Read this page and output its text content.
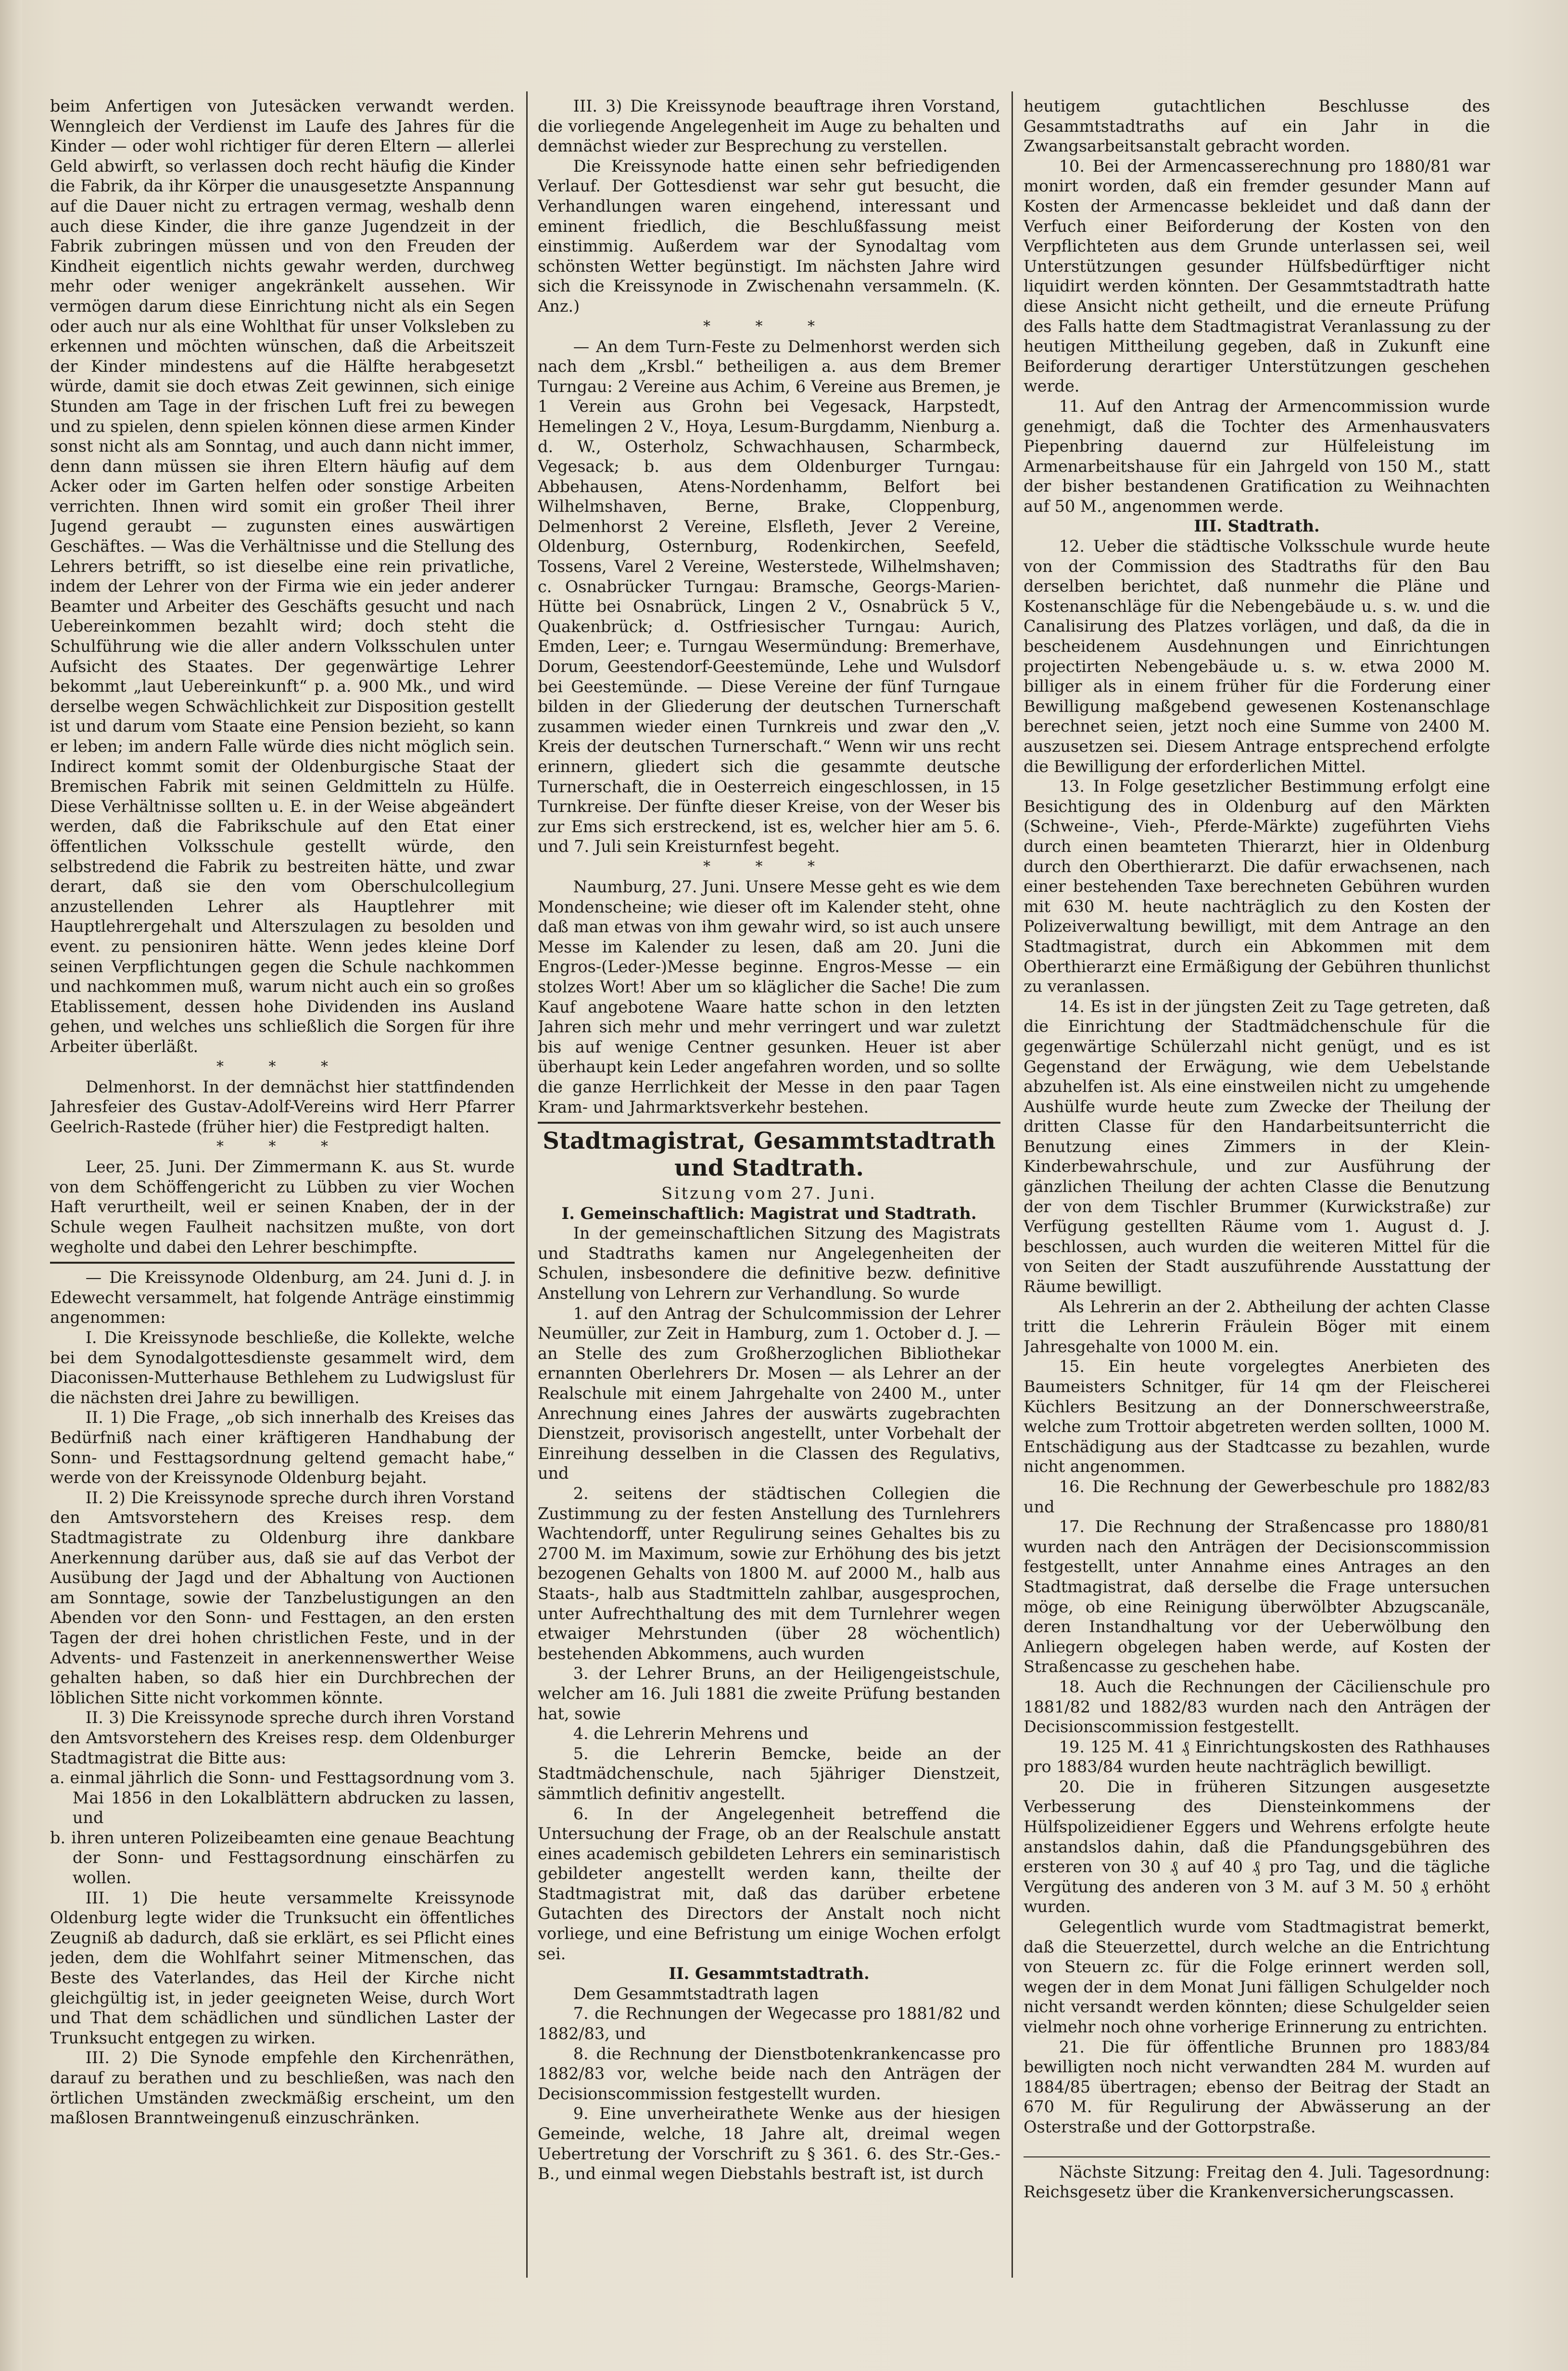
beim Anfertigen von Jutesäcken verwandt werden. Wenngleich der Verdienst im Laufe des Jahres für die Kinder — oder wohl richtiger für deren Eltern — allerlei Geld abwirft, so verlassen doch recht häufig die Kinder die Fabrik, da ihr Körper die unausgesetzte Anspannung auf die Dauer nicht zu ertragen vermag, weshalb denn auch diese Kinder, die ihre ganze Jugendzeit in der Fabrik zubringen müssen und von den Freuden der Kindheit eigentlich nichts gewahr werden, durchweg mehr oder weniger angekränkelt aussehen. Wir vermögen darum diese Einrichtung nicht als ein Segen oder auch nur als eine Wohlthat für unser Volksleben zu erkennen und möchten wünschen, daß die Arbeitszeit der Kinder mindestens auf die Hälfte herabgesetzt würde, damit sie doch etwas Zeit gewinnen, sich einige Stunden am Tage in der frischen Luft frei zu bewegen und zu spielen, denn spielen können diese armen Kinder sonst nicht als am Sonntag, und auch dann nicht immer, denn dann müssen sie ihren Eltern häufig auf dem Acker oder im Garten helfen oder sonstige Arbeiten verrichten. Ihnen wird somit ein großer Theil ihrer Jugend geraubt — zugunsten eines auswärtigen Geschäftes. — Was die Verhältnisse und die Stellung des Lehrers betrifft, so ist dieselbe eine rein privatliche, indem der Lehrer von der Firma wie ein jeder anderer Beamter und Arbeiter des Geschäfts gesucht und nach Uebereinkommen bezahlt wird; doch steht die Schulführung wie die aller andern Volksschulen unter Aufsicht des Staates. Der gegenwärtige Lehrer bekommt „laut Uebereinkunft“ p. a. 900 Mk., und wird derselbe wegen Schwächlichkeit zur Disposition gestellt ist und darum vom Staate eine Pension bezieht, so kann er leben; im andern Falle würde dies nicht möglich sein. Indirect kommt somit der Oldenburgische Staat der Bremischen Fabrik mit seinen Geldmitteln zu Hülfe. Diese Verhältnisse sollten u. E. in der Weise abgeändert werden, daß die Fabrikschule auf den Etat einer öffentlichen Volksschule gestellt würde, den selbstredend die Fabrik zu bestreiten hätte, und zwar derart, daß sie den vom Oberschulcollegium anzustellenden Lehrer als Hauptlehrer mit Hauptlehrergehalt und Alterszulagen zu besolden und event. zu pensioniren hätte. Wenn jedes kleine Dorf seinen Verpflichtungen gegen die Schule nachkommen und nachkommen muß, warum nicht auch ein so großes Etablissement, dessen hohe Dividenden ins Ausland gehen, und welches uns schließlich die Sorgen für ihre Arbeiter überläßt.

* * *

Delmenhorst. In der demnächst hier stattfindenden Jahresfeier des Gustav-Adolf-Vereins wird Herr Pfarrer Geelrich-Rastede (früher hier) die Festpredigt halten.

* * *

Leer, 25. Juni. Der Zimmermann K. aus St. wurde von dem Schöffengericht zu Lübben zu vier Wochen Haft verurtheilt, weil er seinen Knaben, der in der Schule wegen Faulheit nachsitzen mußte, von dort wegholte und dabei den Lehrer beschimpfte.

— Die Kreissynode Oldenburg, am 24. Juni d. J. in Edewecht versammelt, hat folgende Anträge einstimmig angenommen:

I. Die Kreissynode beschließe, die Kollekte, welche bei dem Synodalgottesdienste gesammelt wird, dem Diaconissen-Mutterhause Bethlehem zu Ludwigslust für die nächsten drei Jahre zu bewilligen.

II. 1) Die Frage, „ob sich innerhalb des Kreises das Bedürfniß nach einer kräftigeren Handhabung der Sonn- und Festtagsordnung geltend gemacht habe,“ werde von der Kreissynode Oldenburg bejaht.

II. 2) Die Kreissynode spreche durch ihren Vorstand den Amtsvorstehern des Kreises resp. dem Stadtmagistrate zu Oldenburg ihre dankbare Anerkennung darüber aus, daß sie auf das Verbot der Ausübung der Jagd und der Abhaltung von Auctionen am Sonntage, sowie der Tanzbelustigungen an den Abenden vor den Sonn- und Festtagen, an den ersten Tagen der drei hohen christlichen Feste, und in der Advents- und Fastenzeit in anerkennenswerther Weise gehalten haben, so daß hier ein Durchbrechen der löblichen Sitte nicht vorkommen könnte.

II. 3) Die Kreissynode spreche durch ihren Vorstand den Amtsvorstehern des Kreises resp. dem Oldenburger Stadtmagistrat die Bitte aus:

a. einmal jährlich die Sonn- und Festtagsordnung vom 3. Mai 1856 in den Lokalblättern abdrucken zu lassen, und

b. ihren unteren Polizeibeamten eine genaue Beachtung der Sonn- und Festtagsordnung einschärfen zu wollen.

III. 1) Die heute versammelte Kreissynode Oldenburg legte wider die Trunksucht ein öffentliches Zeugniß ab dadurch, daß sie erklärt, es sei Pflicht eines jeden, dem die Wohlfahrt seiner Mitmenschen, das Beste des Vaterlandes, das Heil der Kirche nicht gleichgültig ist, in jeder geeigneten Weise, durch Wort und That dem schädlichen und sündlichen Laster der Trunksucht entgegen zu wirken.

III. 2) Die Synode empfehle den Kirchenräthen, darauf zu berathen und zu beschließen, was nach den örtlichen Umständen zweckmäßig erscheint, um den maßlosen Branntweingenuß einzuschränken.

III. 3) Die Kreissynode beauftrage ihren Vorstand, die vorliegende Angelegenheit im Auge zu behalten und demnächst wieder zur Besprechung zu verstellen.

Die Kreissynode hatte einen sehr befriedigenden Verlauf. Der Gottesdienst war sehr gut besucht, die Verhandlungen waren eingehend, interessant und eminent friedlich, die Beschlußfassung meist einstimmig. Außerdem war der Synodaltag vom schönsten Wetter begünstigt. Im nächsten Jahre wird sich die Kreissynode in Zwischenahn versammeln. (K. Anz.)

* * *

— An dem Turn-Feste zu Delmenhorst werden sich nach dem „Krsbl.“ betheiligen a. aus dem Bremer Turngau: 2 Vereine aus Achim, 6 Vereine aus Bremen, je 1 Verein aus Grohn bei Vegesack, Harpstedt, Hemelingen 2 V., Hoya, Lesum-Burgdamm, Nienburg a. d. W., Osterholz, Schwachhausen, Scharmbeck, Vegesack; b. aus dem Oldenburger Turngau: Abbehausen, Atens-Nordenhamm, Belfort bei Wilhelmshaven, Berne, Brake, Cloppenburg, Delmenhorst 2 Vereine, Elsfleth, Jever 2 Vereine, Oldenburg, Osternburg, Rodenkirchen, Seefeld, Tossens, Varel 2 Vereine, Westerstede, Wilhelmshaven; c. Osnabrücker Turngau: Bramsche, Georgs-Marien-Hütte bei Osnabrück, Lingen 2 V., Osnabrück 5 V., Quakenbrück; d. Ostfriesischer Turngau: Aurich, Emden, Leer; e. Turngau Wesermündung: Bremerhave, Dorum, Geestendorf-Geestemünde, Lehe und Wulsdorf bei Geestemünde. — Diese Vereine der fünf Turngaue bilden in der Gliederung der deutschen Turnerschaft zusammen wieder einen Turnkreis und zwar den „V. Kreis der deutschen Turnerschaft.“ Wenn wir uns recht erinnern, gliedert sich die gesammte deutsche Turnerschaft, die in Oesterreich eingeschlossen, in 15 Turnkreise. Der fünfte dieser Kreise, von der Weser bis zur Ems sich erstreckend, ist es, welcher hier am 5. 6. und 7. Juli sein Kreisturnfest begeht.

* * *

Naumburg, 27. Juni. Unsere Messe geht es wie dem Mondenscheine; wie dieser oft im Kalender steht, ohne daß man etwas von ihm gewahr wird, so ist auch unsere Messe im Kalender zu lesen, daß am 20. Juni die Engros-(Leder-)Messe beginne. Engros-Messe — ein stolzes Wort! Aber um so kläglicher die Sache! Die zum Kauf angebotene Waare hatte schon in den letzten Jahren sich mehr und mehr verringert und war zuletzt bis auf wenige Centner gesunken. Heuer ist aber überhaupt kein Leder angefahren worden, und so sollte die ganze Herrlichkeit der Messe in den paar Tagen Kram- und Jahrmarktsverkehr bestehen.

Stadtmagistrat, Gesammtstadtrath und Stadtrath.
Sitzung vom 27. Juni.

I. Gemeinschaftlich: Magistrat und Stadtrath.

In der gemeinschaftlichen Sitzung des Magistrats und Stadtraths kamen nur Angelegenheiten der Schulen, insbesondere die definitive bezw. definitive Anstellung von Lehrern zur Verhandlung. So wurde

1. auf den Antrag der Schulcommission der Lehrer Neumüller, zur Zeit in Hamburg, zum 1. October d. J. — an Stelle des zum Großherzoglichen Bibliothekar ernannten Oberlehrers Dr. Mosen — als Lehrer an der Realschule mit einem Jahrgehalte von 2400 M., unter Anrechnung eines Jahres der auswärts zugebrachten Dienstzeit, provisorisch angestellt, unter Vorbehalt der Einreihung desselben in die Classen des Regulativs, und

2. seitens der städtischen Collegien die Zustimmung zu der festen Anstellung des Turnlehrers Wachtendorff, unter Regulirung seines Gehaltes bis zu 2700 M. im Maximum, sowie zur Erhöhung des bis jetzt bezogenen Gehalts von 1800 M. auf 2000 M., halb aus Staats-, halb aus Stadtmitteln zahlbar, ausgesprochen, unter Aufrechthaltung des mit dem Turnlehrer wegen etwaiger Mehrstunden (über 28 wöchentlich) bestehenden Abkommens, auch wurden

3. der Lehrer Bruns, an der Heiligengeistschule, welcher am 16. Juli 1881 die zweite Prüfung bestanden hat, sowie

4. die Lehrerin Mehrens und

5. die Lehrerin Bemcke, beide an der Stadtmädchenschule, nach 5jähriger Dienstzeit, sämmtlich definitiv angestellt.

6. In der Angelegenheit betreffend die Untersuchung der Frage, ob an der Realschule anstatt eines academisch gebildeten Lehrers ein seminaristisch gebildeter angestellt werden kann, theilte der Stadtmagistrat mit, daß das darüber erbetene Gutachten des Directors der Anstalt noch nicht vorliege, und eine Befristung um einige Wochen erfolgt sei.

II. Gesammtstadtrath.

Dem Gesammtstadtrath lagen

7. die Rechnungen der Wegecasse pro 1881/82 und 1882/83, und

8. die Rechnung der Dienstbotenkrankencasse pro 1882/83 vor, welche beide nach den Anträgen der Decisionscommission festgestellt wurden.

9. Eine unverheirathete Wenke aus der hiesigen Gemeinde, welche, 18 Jahre alt, dreimal wegen Uebertretung der Vorschrift zu § 361. 6. des Str.-Ges.-B., und einmal wegen Diebstahls bestraft ist, ist durch

heutigem gutachtlichen Beschlusse des Gesammtstadtraths auf ein Jahr in die Zwangsarbeitsanstalt gebracht worden.

10. Bei der Armencasserechnung pro 1880/81 war monirt worden, daß ein fremder gesunder Mann auf Kosten der Armencasse bekleidet und daß dann der Verfuch einer Beiforderung der Kosten von den Verpflichteten aus dem Grunde unterlassen sei, weil Unterstützungen gesunder Hülfsbedürftiger nicht liquidirt werden könnten. Der Gesammtstadtrath hatte diese Ansicht nicht getheilt, und die erneute Prüfung des Falls hatte dem Stadtmagistrat Veranlassung zu der heutigen Mittheilung gegeben, daß in Zukunft eine Beiforderung derartiger Unterstützungen geschehen werde.

11. Auf den Antrag der Armencommission wurde genehmigt, daß die Tochter des Armenhausvaters Piepenbring dauernd zur Hülfeleistung im Armenarbeitshause für ein Jahrgeld von 150 M., statt der bisher bestandenen Gratification zu Weihnachten auf 50 M., angenommen werde.

III. Stadtrath.

12. Ueber die städtische Volksschule wurde heute von der Commission des Stadtraths für den Bau derselben berichtet, daß nunmehr die Pläne und Kostenanschläge für die Nebengebäude u. s. w. und die Canalisirung des Platzes vorlägen, und daß, da die in bescheidenem Ausdehnungen und Einrichtungen projectirten Nebengebäude u. s. w. etwa 2000 M. billiger als in einem früher für die Forderung einer Bewilligung maßgebend gewesenen Kostenanschlage berechnet seien, jetzt noch eine Summe von 2400 M. auszusetzen sei. Diesem Antrage entsprechend erfolgte die Bewilligung der erforderlichen Mittel.

13. In Folge gesetzlicher Bestimmung erfolgt eine Besichtigung des in Oldenburg auf den Märkten (Schweine-, Vieh-, Pferde-Märkte) zugeführten Viehs durch einen beamteten Thierarzt, hier in Oldenburg durch den Oberthierarzt. Die dafür erwachsenen, nach einer bestehenden Taxe berechneten Gebühren wurden mit 630 M. heute nachträglich zu den Kosten der Polizeiverwaltung bewilligt, mit dem Antrage an den Stadtmagistrat, durch ein Abkommen mit dem Oberthierarzt eine Ermäßigung der Gebühren thunlichst zu veranlassen.

14. Es ist in der jüngsten Zeit zu Tage getreten, daß die Einrichtung der Stadtmädchenschule für die gegenwärtige Schülerzahl nicht genügt, und es ist Gegenstand der Erwägung, wie dem Uebelstande abzuhelfen ist. Als eine einstweilen nicht zu umgehende Aushülfe wurde heute zum Zwecke der Theilung der dritten Classe für den Handarbeitsunterricht die Benutzung eines Zimmers in der Klein-Kinderbewahrschule, und zur Ausführung der gänzlichen Theilung der achten Classe die Benutzung der von dem Tischler Brummer (Kurwickstraße) zur Verfügung gestellten Räume vom 1. August d. J. beschlossen, auch wurden die weiteren Mittel für die von Seiten der Stadt auszuführende Ausstattung der Räume bewilligt.

Als Lehrerin an der 2. Abtheilung der achten Classe tritt die Lehrerin Fräulein Böger mit einem Jahresgehalte von 1000 M. ein.

15. Ein heute vorgelegtes Anerbieten des Baumeisters Schnitger, für 14 qm der Fleischerei Küchlers Besitzung an der Donnerschweerstraße, welche zum Trottoir abgetreten werden sollten, 1000 M. Entschädigung aus der Stadtcasse zu bezahlen, wurde nicht angenommen.

16. Die Rechnung der Gewerbeschule pro 1882/83 und

17. Die Rechnung der Straßencasse pro 1880/81 wurden nach den Anträgen der Decisionscommission festgestellt, unter Annahme eines Antrages an den Stadtmagistrat, daß derselbe die Frage untersuchen möge, ob eine Reinigung überwölbter Abzugscanäle, deren Instandhaltung vor der Ueberwölbung den Anliegern obgelegen haben werde, auf Kosten der Straßencasse zu geschehen habe.

18. Auch die Rechnungen der Cäcilienschule pro 1881/82 und 1882/83 wurden nach den Anträgen der Decisionscommission festgestellt.

19. 125 M. 41 ₰ Einrichtungskosten des Rathhauses pro 1883/84 wurden heute nachträglich bewilligt.

20. Die in früheren Sitzungen ausgesetzte Verbesserung des Diensteinkommens der Hülfspolizeidiener Eggers und Wehrens erfolgte heute anstandslos dahin, daß die Pfandungsgebühren des ersteren von 30 ₰ auf 40 ₰ pro Tag, und die tägliche Vergütung des anderen von 3 M. auf 3 M. 50 ₰ erhöht wurden.

Gelegentlich wurde vom Stadtmagistrat bemerkt, daß die Steuerzettel, durch welche an die Entrichtung von Steuern zc. für die Folge erinnert werden soll, wegen der in dem Monat Juni fälligen Schulgelder noch nicht versandt werden könnten; diese Schulgelder seien vielmehr noch ohne vorherige Erinnerung zu entrichten.

21. Die für öffentliche Brunnen pro 1883/84 bewilligten noch nicht verwandten 284 M. wurden auf 1884/85 übertragen; ebenso der Beitrag der Stadt an 670 M. für Regulirung der Abwässerung an der Osterstraße und der Gottorpstraße.

Nächste Sitzung: Freitag den 4. Juli. Tagesordnung: Reichsgesetz über die Krankenversicherungscassen.
